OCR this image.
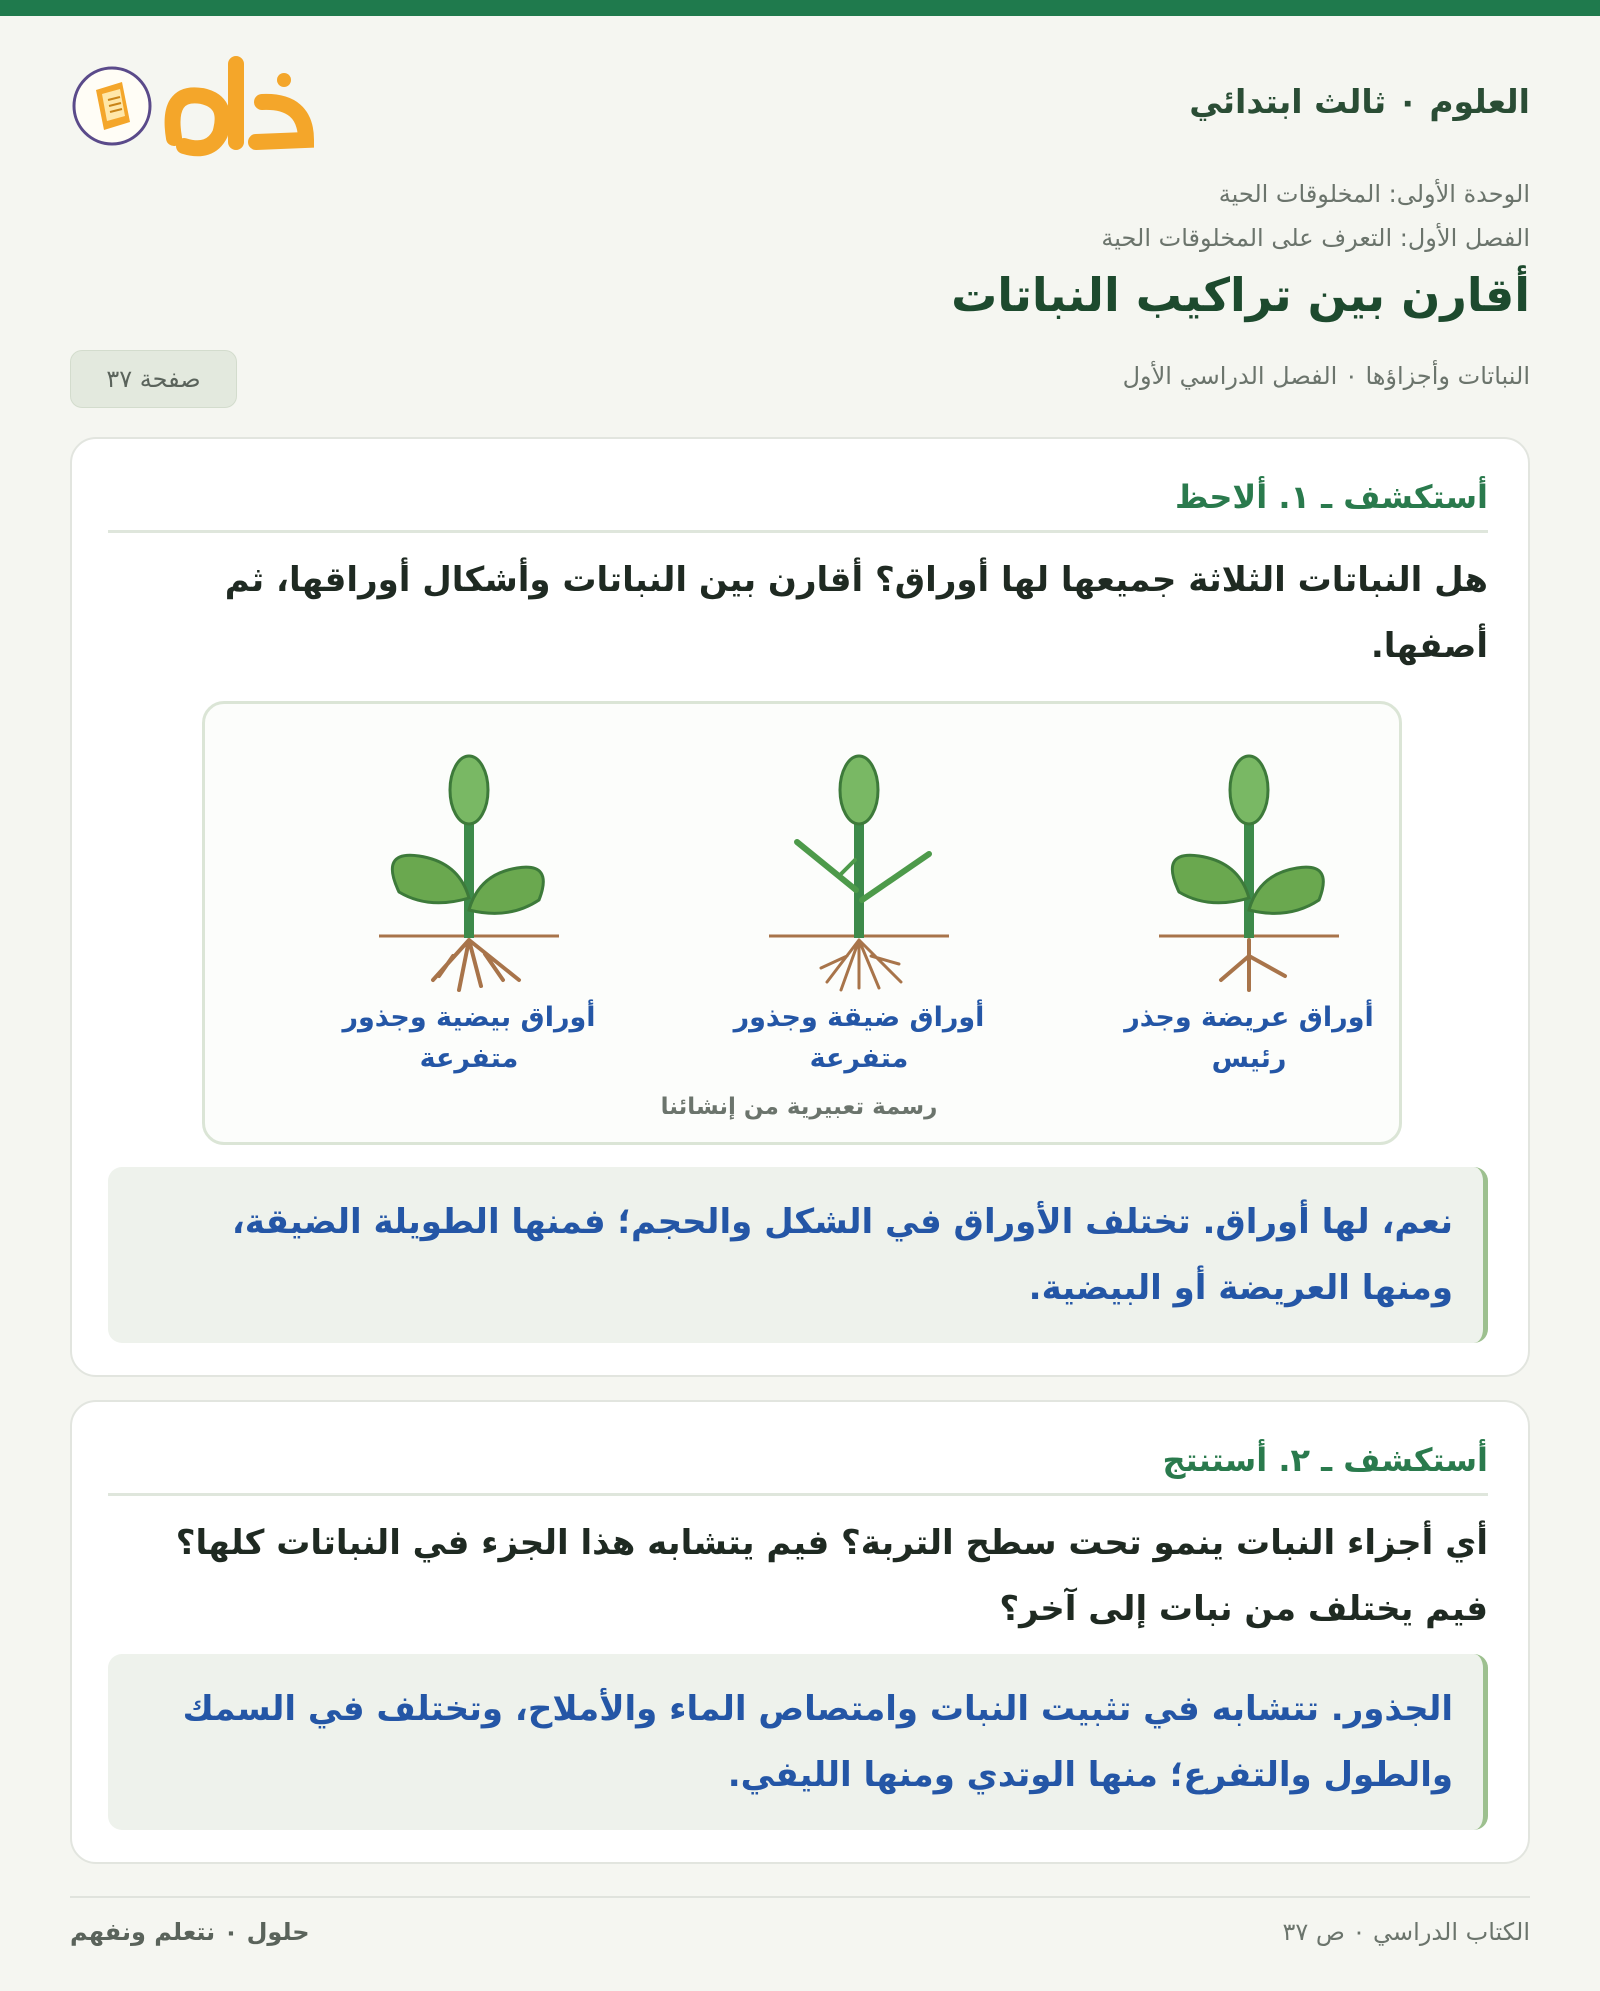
العلوم ٠ ثالث ابتدائي
الوحدة الأولى: المخلوقات الحية
الفصل الأول: التعرف على المخلوقات الحية
أقارن بين تراكيب النباتات
النباتات وأجزاؤها ٠ الفصل الدراسي الأول
صفحة ٣٧
أستكشف ـ ١. ألاحظ
هل النباتات الثلاثة جميعها لها أوراق؟ أقارن بين النباتات وأشكال أوراقها، ثم أصفها.
أوراق عريضة وجذر رئيس
أوراق ضيقة وجذور متفرعة
أوراق بيضية وجذور متفرعة
رسمة تعبيرية من إنشائنا
نعم، لها أوراق. تختلف الأوراق في الشكل والحجم؛ فمنها الطويلة الضيقة، ومنها العريضة أو البيضية.
أستكشف ـ ٢. أستنتج
أي أجزاء النبات ينمو تحت سطح التربة؟ فيم يتشابه هذا الجزء في النباتات كلها؟ فيم يختلف من نبات إلى آخر؟
الجذور. تتشابه في تثبيت النبات وامتصاص الماء والأملاح، وتختلف في السمك والطول والتفرع؛ منها الوتدي ومنها الليفي.
الكتاب الدراسي ٠ ص ٣٧
حلول ٠ نتعلم ونفهم
